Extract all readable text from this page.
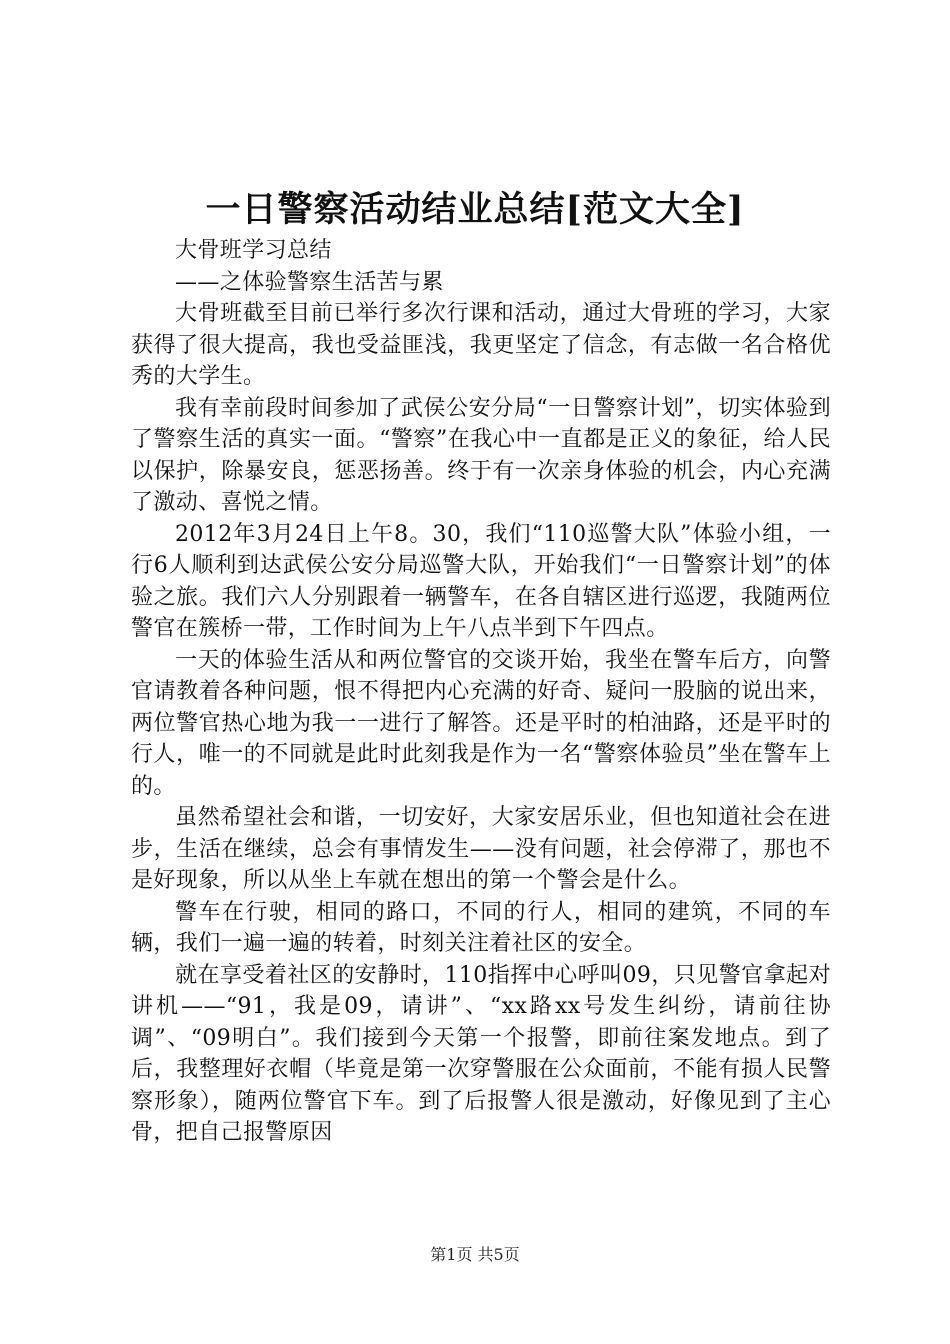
一日警察活动结业总结[范文大全]

大骨班学习总结

——之体验警察生活苦与累

大骨班截至目前已举行多次行课和活动，通过大骨班的学习，大家获得了很大提高，我也受益匪浅，我更坚定了信念，有志做一名合格优秀的大学生。

我有幸前段时间参加了武侯公安分局“一日警察计划”，切实体验到了警察生活的真实一面。“警察”在我心中一直都是正义的象征，给人民以保护，除暴安良，惩恶扬善。终于有一次亲身体验的机会，内心充满了激动、喜悦之情。

2012年3月24日上午8。30，我们“110巡警大队”体验小组，一行6人顺利到达武侯公安分局巡警大队，开始我们“一日警察计划”的体验之旅。我们六人分别跟着一辆警车，在各自辖区进行巡逻，我随两位警官在簇桥一带，工作时间为上午八点半到下午四点。

一天的体验生活从和两位警官的交谈开始，我坐在警车后方，向警官请教着各种问题，恨不得把内心充满的好奇、疑问一股脑的说出来，两位警官热心地为我一一进行了解答。还是平时的柏油路，还是平时的行人，唯一的不同就是此时此刻我是作为一名“警察体验员”坐在警车上的。

虽然希望社会和谐，一切安好，大家安居乐业，但也知道社会在进步，生活在继续，总会有事情发生——没有问题，社会停滞了，那也不是好现象，所以从坐上车就在想出的第一个警会是什么。

警车在行驶，相同的路口，不同的行人，相同的建筑，不同的车辆，我们一遍一遍的转着，时刻关注着社区的安全。

就在享受着社区的安静时，110指挥中心呼叫09，只见警官拿起对讲机——“91，我是09，请讲”、“xx路xx号发生纠纷，请前往协调”、“09明白”。我们接到今天第一个报警，即前往案发地点。到了后，我整理好衣帽（毕竟是第一次穿警服在公众面前，不能有损人民警察形象），随两位警官下车。到了后报警人很是激动，好像见到了主心骨，把自己报警原因

第1页 共5页
